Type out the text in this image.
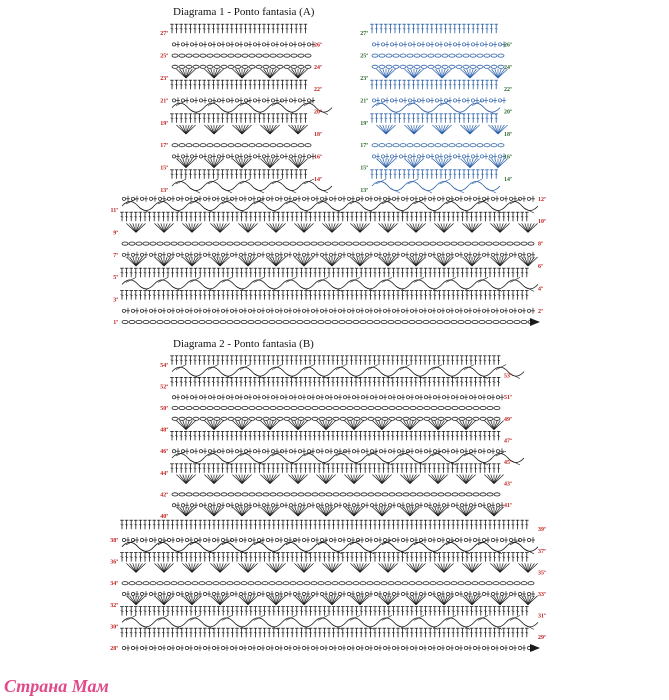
1ª
2ª
3ª
4ª
5ª
6ª
7ª
8ª
9ª
10ª
11ª
12ª
13ª
14ª
15ª
16ª
17ª
18ª
19ª
20ª
21ª
22ª
23ª
24ª
25ª
26ª
27ª
13ª
14ª
15ª
16ª
17ª
18ª
19ª
20ª
21ª
22ª
23ª
24ª
25ª
26ª
27ª
28ª
29ª
30ª
31ª
32ª
33ª
34ª
35ª
36ª
37ª
38ª
39ª
40ª
41ª
42ª
43ª
44ª
45ª
46ª
47ª
48ª
49ª
50ª
51ª
52ª
53ª
54ª
Diagrama 1 - Ponto fantasia (A)
Diagrama 2 - Ponto fantasia (B)
Страна Мам
